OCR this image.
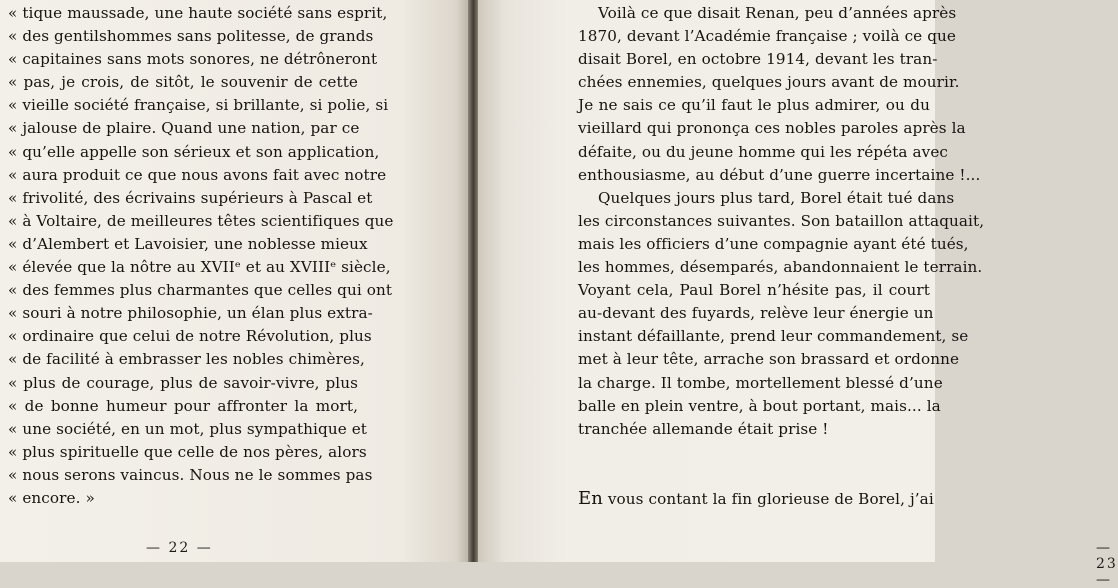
« tique maussade, une haute société sans esprit,
« des gentilshommes sans politesse, de grands
« capitaines sans mots sonores, ne détrôneront
« pas, je crois, de sitôt, le souvenir de cette
« vieille société française, si brillante, si polie, si
« jalouse de plaire. Quand une nation, par ce
« qu’elle appelle son sérieux et son application,
« aura produit ce que nous avons fait avec notre
« frivolité, des écrivains supérieurs à Pascal et
« à Voltaire, de meilleures têtes scientifiques que
« d’Alembert et Lavoisier, une noblesse mieux
« élevée que la nôtre au XVIIᵉ et au XVIIIᵉ siècle,
« des femmes plus charmantes que celles qui ont
« souri à notre philosophie, un élan plus extra-
« ordinaire que celui de notre Révolution, plus
« de facilité à embrasser les nobles chimères,
« plus de courage, plus de savoir-vivre, plus
« de bonne humeur pour affronter la mort,
« une société, en un mot, plus sympathique et
« plus spirituelle que celle de nos pères, alors
« nous serons vaincus. Nous ne le sommes pas
« encore. »
— 22 —
Voilà ce que disait Renan, peu d’années après
1870, devant l’Académie française ; voilà ce que
disait Borel, en octobre 1914, devant les tran-
chées ennemies, quelques jours avant de mourir.
Je ne sais ce qu’il faut le plus admirer, ou du
vieillard qui prononça ces nobles paroles après la
défaite, ou du jeune homme qui les répéta avec
enthousiasme, au début d’une guerre incertaine !...
Quelques jours plus tard, Borel était tué dans
les circonstances suivantes. Son bataillon attaquait,
mais les officiers d’une compagnie ayant été tués,
les hommes, désemparés, abandonnaient le terrain.
Voyant cela, Paul Borel n’hésite pas, il court
au-devant des fuyards, relève leur énergie un
instant défaillante, prend leur commandement, se
met à leur tête, arrache son brassard et ordonne
la charge. Il tombe, mortellement blessé d’une
balle en plein ventre, à bout portant, mais... la
tranchée allemande était prise !
En vous contant la fin glorieuse de Borel, j’ai
— 23 —
